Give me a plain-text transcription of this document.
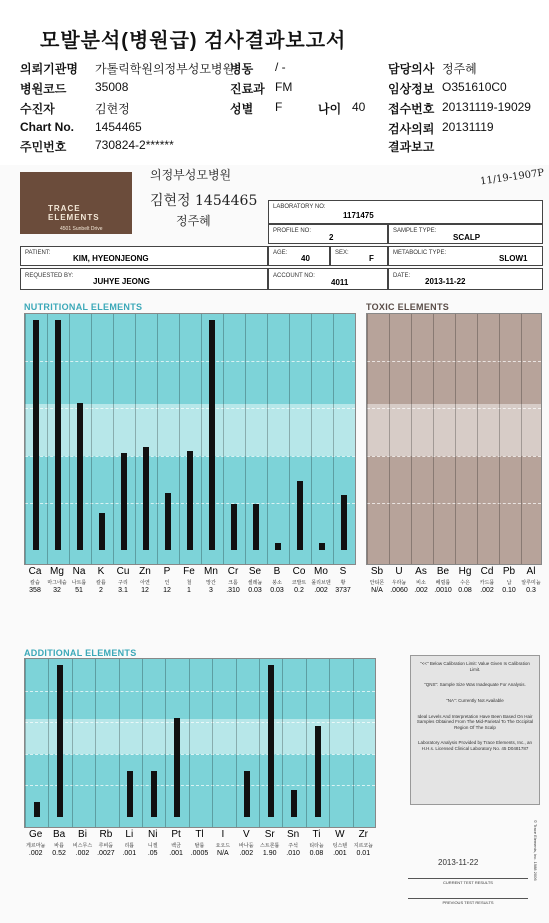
모발분석(병원급) 검사결과보고서
의뢰기관명 가톨릭학원의정부성모병원
병동 / -	담당의사 정주혜
병원코드 35008	진료과 FM	임상정보 O351610C0
수진자	김현정	성별 F	나이 40 접수번호 20131119-19029
Chart No. 1454465	검사의뢰 20131119
주민번호 730824-2******	결과보고
TRACE ELEMENTS
4501 Sunbelt Drive
의정부성모병원
김현정 1454465
정주혜
11/19-1907P
LABORATORY NO:
1171475
PROFILE NO:
2
SAMPLE TYPE:
SCALP
PATIENT:
KIM, HYEONJEONG
AGE:
40
SEX:
F
METABOLIC TYPE:
SLOW1
REQUESTED BY:
JUHYE JEONG
ACCOUNT NO:
4011
DATE:
2013-11-22
NUTRITIONAL ELEMENTS	TOXIC ELEMENTS
ADDITIONAL ELEMENTS
Ca
칼슘
358
Mg
마그네슘
32
Na
나트륨
51
K
칼륨
2
Cu
구리
3.1
Zn
아연
12
P
인
12
Fe
철
1
Mn
망간
3
Cr
크롬
.310
Se
셀레늄
0.03
B
붕소
0.03
Co
코발트
0.2
Mo
몰리브덴
.002
S
황
3737
Sb
안티몬
N/A
U
우라늄
.0060
As
비소
.002
Be
베릴륨
.0010
Hg
수은
0.08
Cd
카드뮴
.002
Pb
납
0.10
Al
알루미늄
0.3
Ge
게르마늄
.002
Ba
바륨
0.52
Bi
비스무스
.002
Rb
루비듐
.0027
Li
리튬
.001
Ni
니켈
.05
Pt
백금
.001
Tl
탈륨
.0005
I
요오드
N/A
V
바나듐
.002
Sr
스트론튬
1.90
Sn
주석
.010
Ti
티타늄
0.08
W
텅스텐
.001
Zr
지르코늄
0.01
"<<" Below Calibration Limit: Value Given Is Calibration Limit.
"QNS": Sample Size Was Inadequate For Analysis.
"NA": Currently Not Available
Ideal Levels And Interpretation Have Been Based On Hair Samples Obtained From The Mid-Parietal To The Occipital Region Of The Scalp
Laboratory Analysis Provided by Trace Elements, Inc., an H.H.s. Licensed Clinical Laboratory No. 45 D0481787
2013-11-22
CURRENT TEST RESULTS
PREVIOUS TEST RESULTS
© Trace Elements, Inc. 1988 2006
